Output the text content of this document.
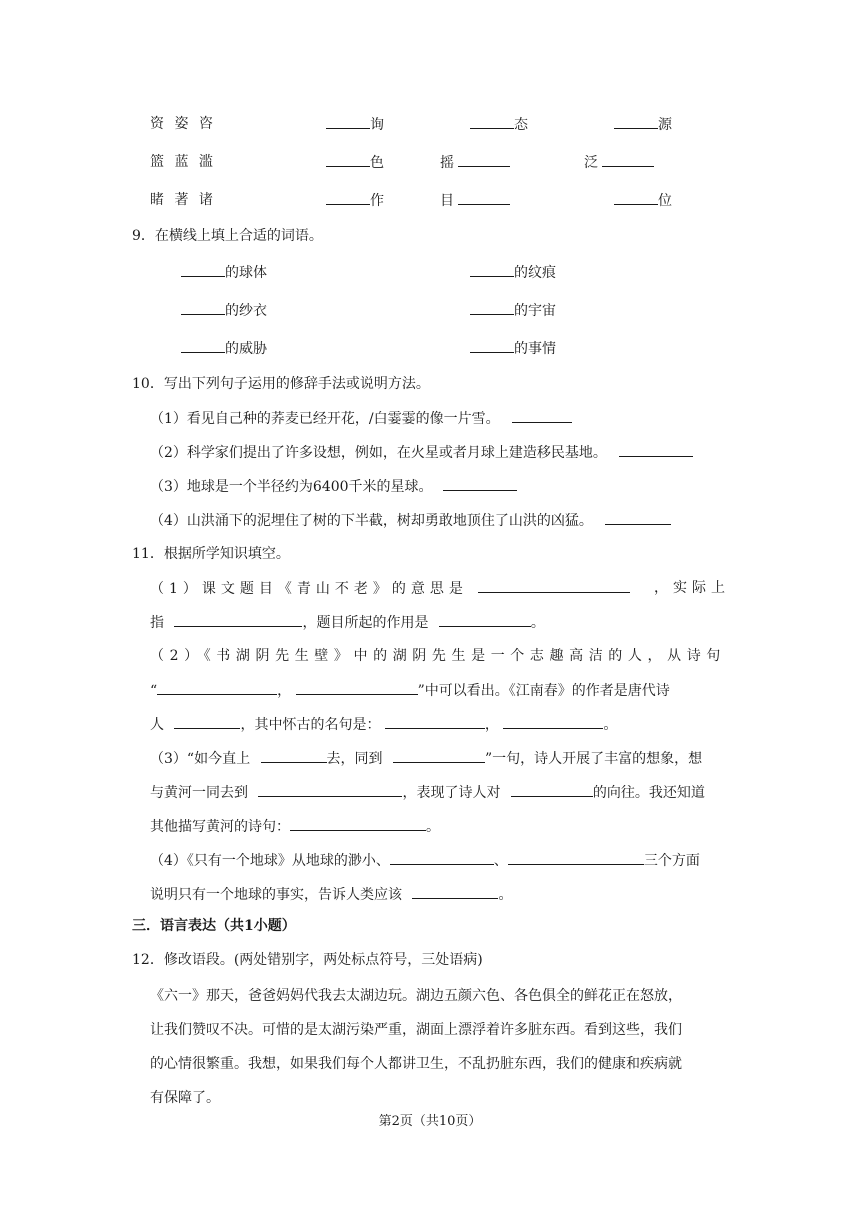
资 姿 咨	询	态	源
篮 蓝 滥	色	摇	泛
睹 著 诸	作	目	位
9．在横线上填上合适的词语。
的球体	的纹痕
的纱衣	的宇宙
的威胁	的事情
10．写出下列句子运用的修辞手法或说明方法。
（1）看见自己种的荞麦已经开花，/白霎霎的像一片雪。
（2）科学家们提出了许多设想，例如，在火星或者月球上建造移民基地。
（3）地球是一个半径约为6400千米的星球。
（4）山洪涌下的泥埋住了树的下半截，树却勇敢地顶住了山洪的凶猛。
11．根据所学知识填空。
（1）课文题目《青山不老》的意思是	，实际上
指	，题目所起的作用是	。
（2）《书湖阴先生壁》中的湖阴先生是一个志趣高洁的人，从诗句
“	，	”中可以看出。《江南春》的作者是唐代诗
人	，其中怀古的名句是：	，	。
（3）“如今直上	去，同到	”一句，诗人开展了丰富的想象，想
与黄河一同去到	，表现了诗人对	的向往。我还知道
其他描写黄河的诗句：	。
（4）《只有一个地球》从地球的渺小、	、	三个方面
说明只有一个地球的事实，告诉人类应该	。
三．语言表达（共1小题）
12．修改语段。(两处错别字，两处标点符号，三处语病)
《六一》那天，爸爸妈妈代我去太湖边玩。湖边五颜六色、各色俱全的鲜花正在怒放，
让我们赞叹不决。可惜的是太湖污染严重，湖面上漂浮着许多脏东西。看到这些，我们
的心情很繁重。我想，如果我们每个人都讲卫生，不乱扔脏东西，我们的健康和疾病就
有保障了。
第2页（共10页）
